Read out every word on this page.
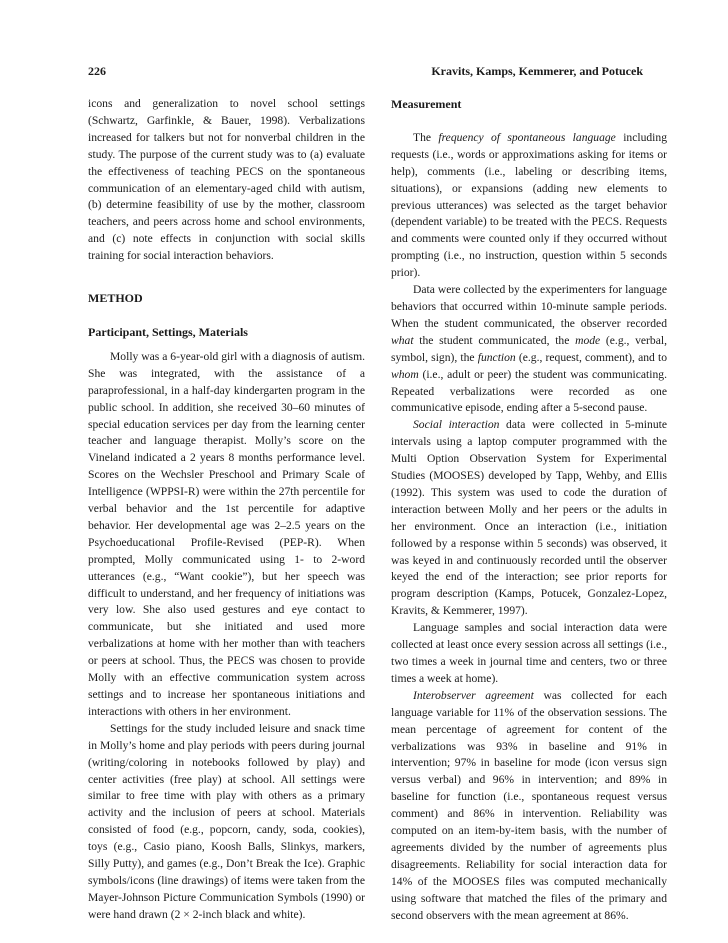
226	Kravits, Kamps, Kemmerer, and Potucek

icons and generalization to novel school settings (Schwartz, Garfinkle, & Bauer, 1998). Verbalizations increased for talkers but not for nonverbal children in the study. The purpose of the current study was to (a) evaluate the effectiveness of teaching PECS on the spontaneous communication of an elementary-aged child with autism, (b) determine feasibility of use by the mother, classroom teachers, and peers across home and school environments, and (c) note effects in conjunction with social skills training for social interaction behaviors.

METHOD

Participant, Settings, Materials

Molly was a 6-year-old girl with a diagnosis of autism. She was integrated, with the assistance of a paraprofessional, in a half-day kindergarten program in the public school. In addition, she received 30–60 minutes of special education services per day from the learning center teacher and language therapist. Molly’s score on the Vineland indicated a 2 years 8 months performance level. Scores on the Wechsler Preschool and Primary Scale of Intelligence (WPPSI-R) were within the 27th percentile for verbal behavior and the 1st percentile for adaptive behavior. Her developmental age was 2–2.5 years on the Psychoeducational Profile-Revised (PEP-R). When prompted, Molly communicated using 1- to 2-word utterances (e.g., “Want cookie”), but her speech was difficult to understand, and her frequency of initiations was very low. She also used gestures and eye contact to communicate, but she initiated and used more verbalizations at home with her mother than with teachers or peers at school. Thus, the PECS was chosen to provide Molly with an effective communication system across settings and to increase her spontaneous initiations and interactions with others in her environment.

Settings for the study included leisure and snack time in Molly’s home and play periods with peers during journal (writing/coloring in notebooks followed by play) and center activities (free play) at school. All settings were similar to free time with play with others as a primary activity and the inclusion of peers at school. Materials consisted of food (e.g., popcorn, candy, soda, cookies), toys (e.g., Casio piano, Koosh Balls, Slinkys, markers, Silly Putty), and games (e.g., Don’t Break the Ice). Graphic symbols/icons (line drawings) of items were taken from the Mayer-Johnson Picture Communication Symbols (1990) or were hand drawn (2 × 2-inch black and white).

Measurement

The frequency of spontaneous language including requests (i.e., words or approximations asking for items or help), comments (i.e., labeling or describing items, situations), or expansions (adding new elements to previous utterances) was selected as the target behavior (dependent variable) to be treated with the PECS. Requests and comments were counted only if they occurred without prompting (i.e., no instruction, question within 5 seconds prior).

Data were collected by the experimenters for language behaviors that occurred within 10-minute sample periods. When the student communicated, the observer recorded what the student communicated, the mode (e.g., verbal, symbol, sign), the function (e.g., request, comment), and to whom (i.e., adult or peer) the student was communicating. Repeated verbalizations were recorded as one communicative episode, ending after a 5-second pause.

Social interaction data were collected in 5-minute intervals using a laptop computer programmed with the Multi Option Observation System for Experimental Studies (MOOSES) developed by Tapp, Wehby, and Ellis (1992). This system was used to code the duration of interaction between Molly and her peers or the adults in her environment. Once an interaction (i.e., initiation followed by a response within 5 seconds) was observed, it was keyed in and continuously recorded until the observer keyed the end of the interaction; see prior reports for program description (Kamps, Potucek, Gonzalez-Lopez, Kravits, & Kemmerer, 1997).

Language samples and social interaction data were collected at least once every session across all settings (i.e., two times a week in journal time and centers, two or three times a week at home).

Interobserver agreement was collected for each language variable for 11% of the observation sessions. The mean percentage of agreement for content of the verbalizations was 93% in baseline and 91% in intervention; 97% in baseline for mode (icon versus sign versus verbal) and 96% in intervention; and 89% in baseline for function (i.e., spontaneous request versus comment) and 86% in intervention. Reliability was computed on an item-by-item basis, with the number of agreements divided by the number of agreements plus disagreements. Reliability for social interaction data for 14% of the MOOSES files was computed mechanically using software that matched the files of the primary and second observers with the mean agreement at 86%.
